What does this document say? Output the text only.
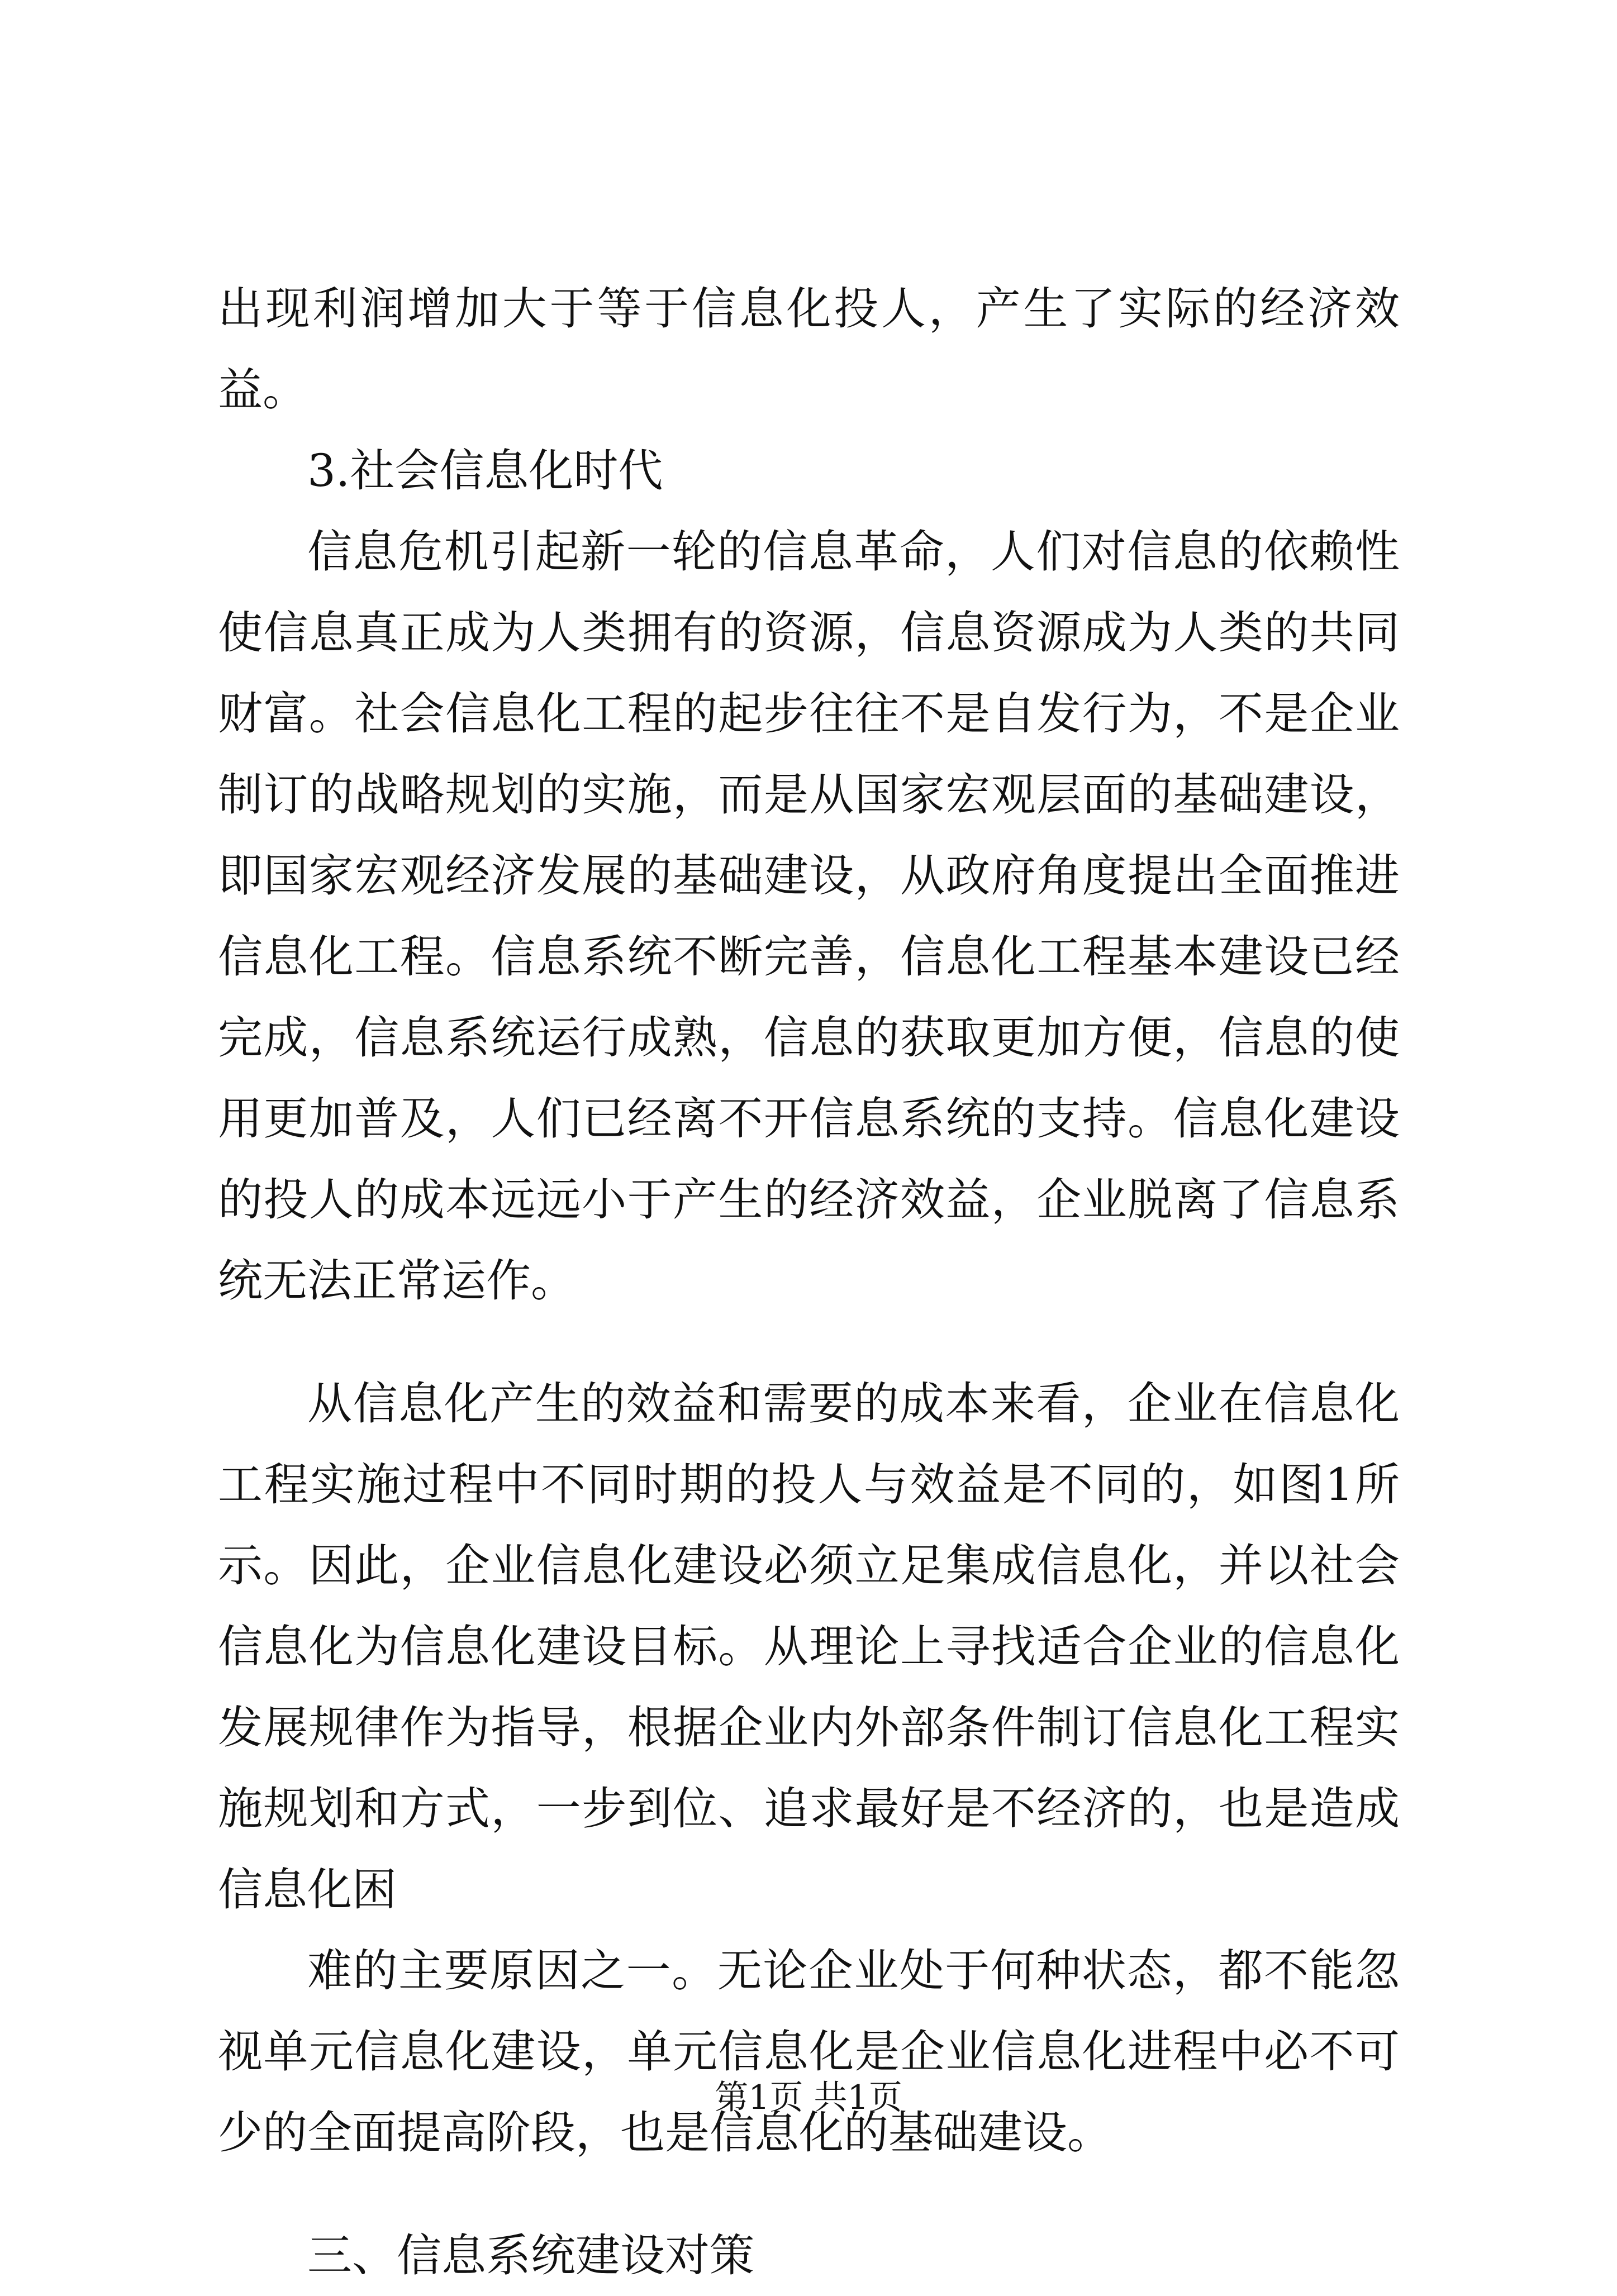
出现利润增加大于等于信息化投人，产生了实际的经济效益。

3.社会信息化时代

信息危机引起新一轮的信息革命，人们对信息的依赖性使信息真正成为人类拥有的资源，信息资源成为人类的共同财富。社会信息化工程的起步往往不是自发行为，不是企业制订的战略规划的实施，而是从国家宏观层面的基础建设，即国家宏观经济发展的基础建设，从政府角度提出全面推进信息化工程。信息系统不断完善，信息化工程基本建设已经完成，信息系统运行成熟，信息的获取更加方便，信息的使用更加普及，人们已经离不开信息系统的支持。信息化建设的投人的成本远远小于产生的经济效益，企业脱离了信息系统无法正常运作。

从信息化产生的效益和需要的成本来看，企业在信息化工程实施过程中不同时期的投人与效益是不同的，如图1所示。因此，企业信息化建设必须立足集成信息化，并以社会信息化为信息化建设目标。从理论上寻找适合企业的信息化发展规律作为指导，根据企业内外部条件制订信息化工程实施规划和方式，一步到位、追求最好是不经济的，也是造成信息化困

难的主要原因之一。无论企业处于何种状态，都不能忽视单元信息化建设，单元信息化是企业信息化进程中必不可少的全面提高阶段，也是信息化的基础建设。

三、信息系统建设对策

第1页 共1页
